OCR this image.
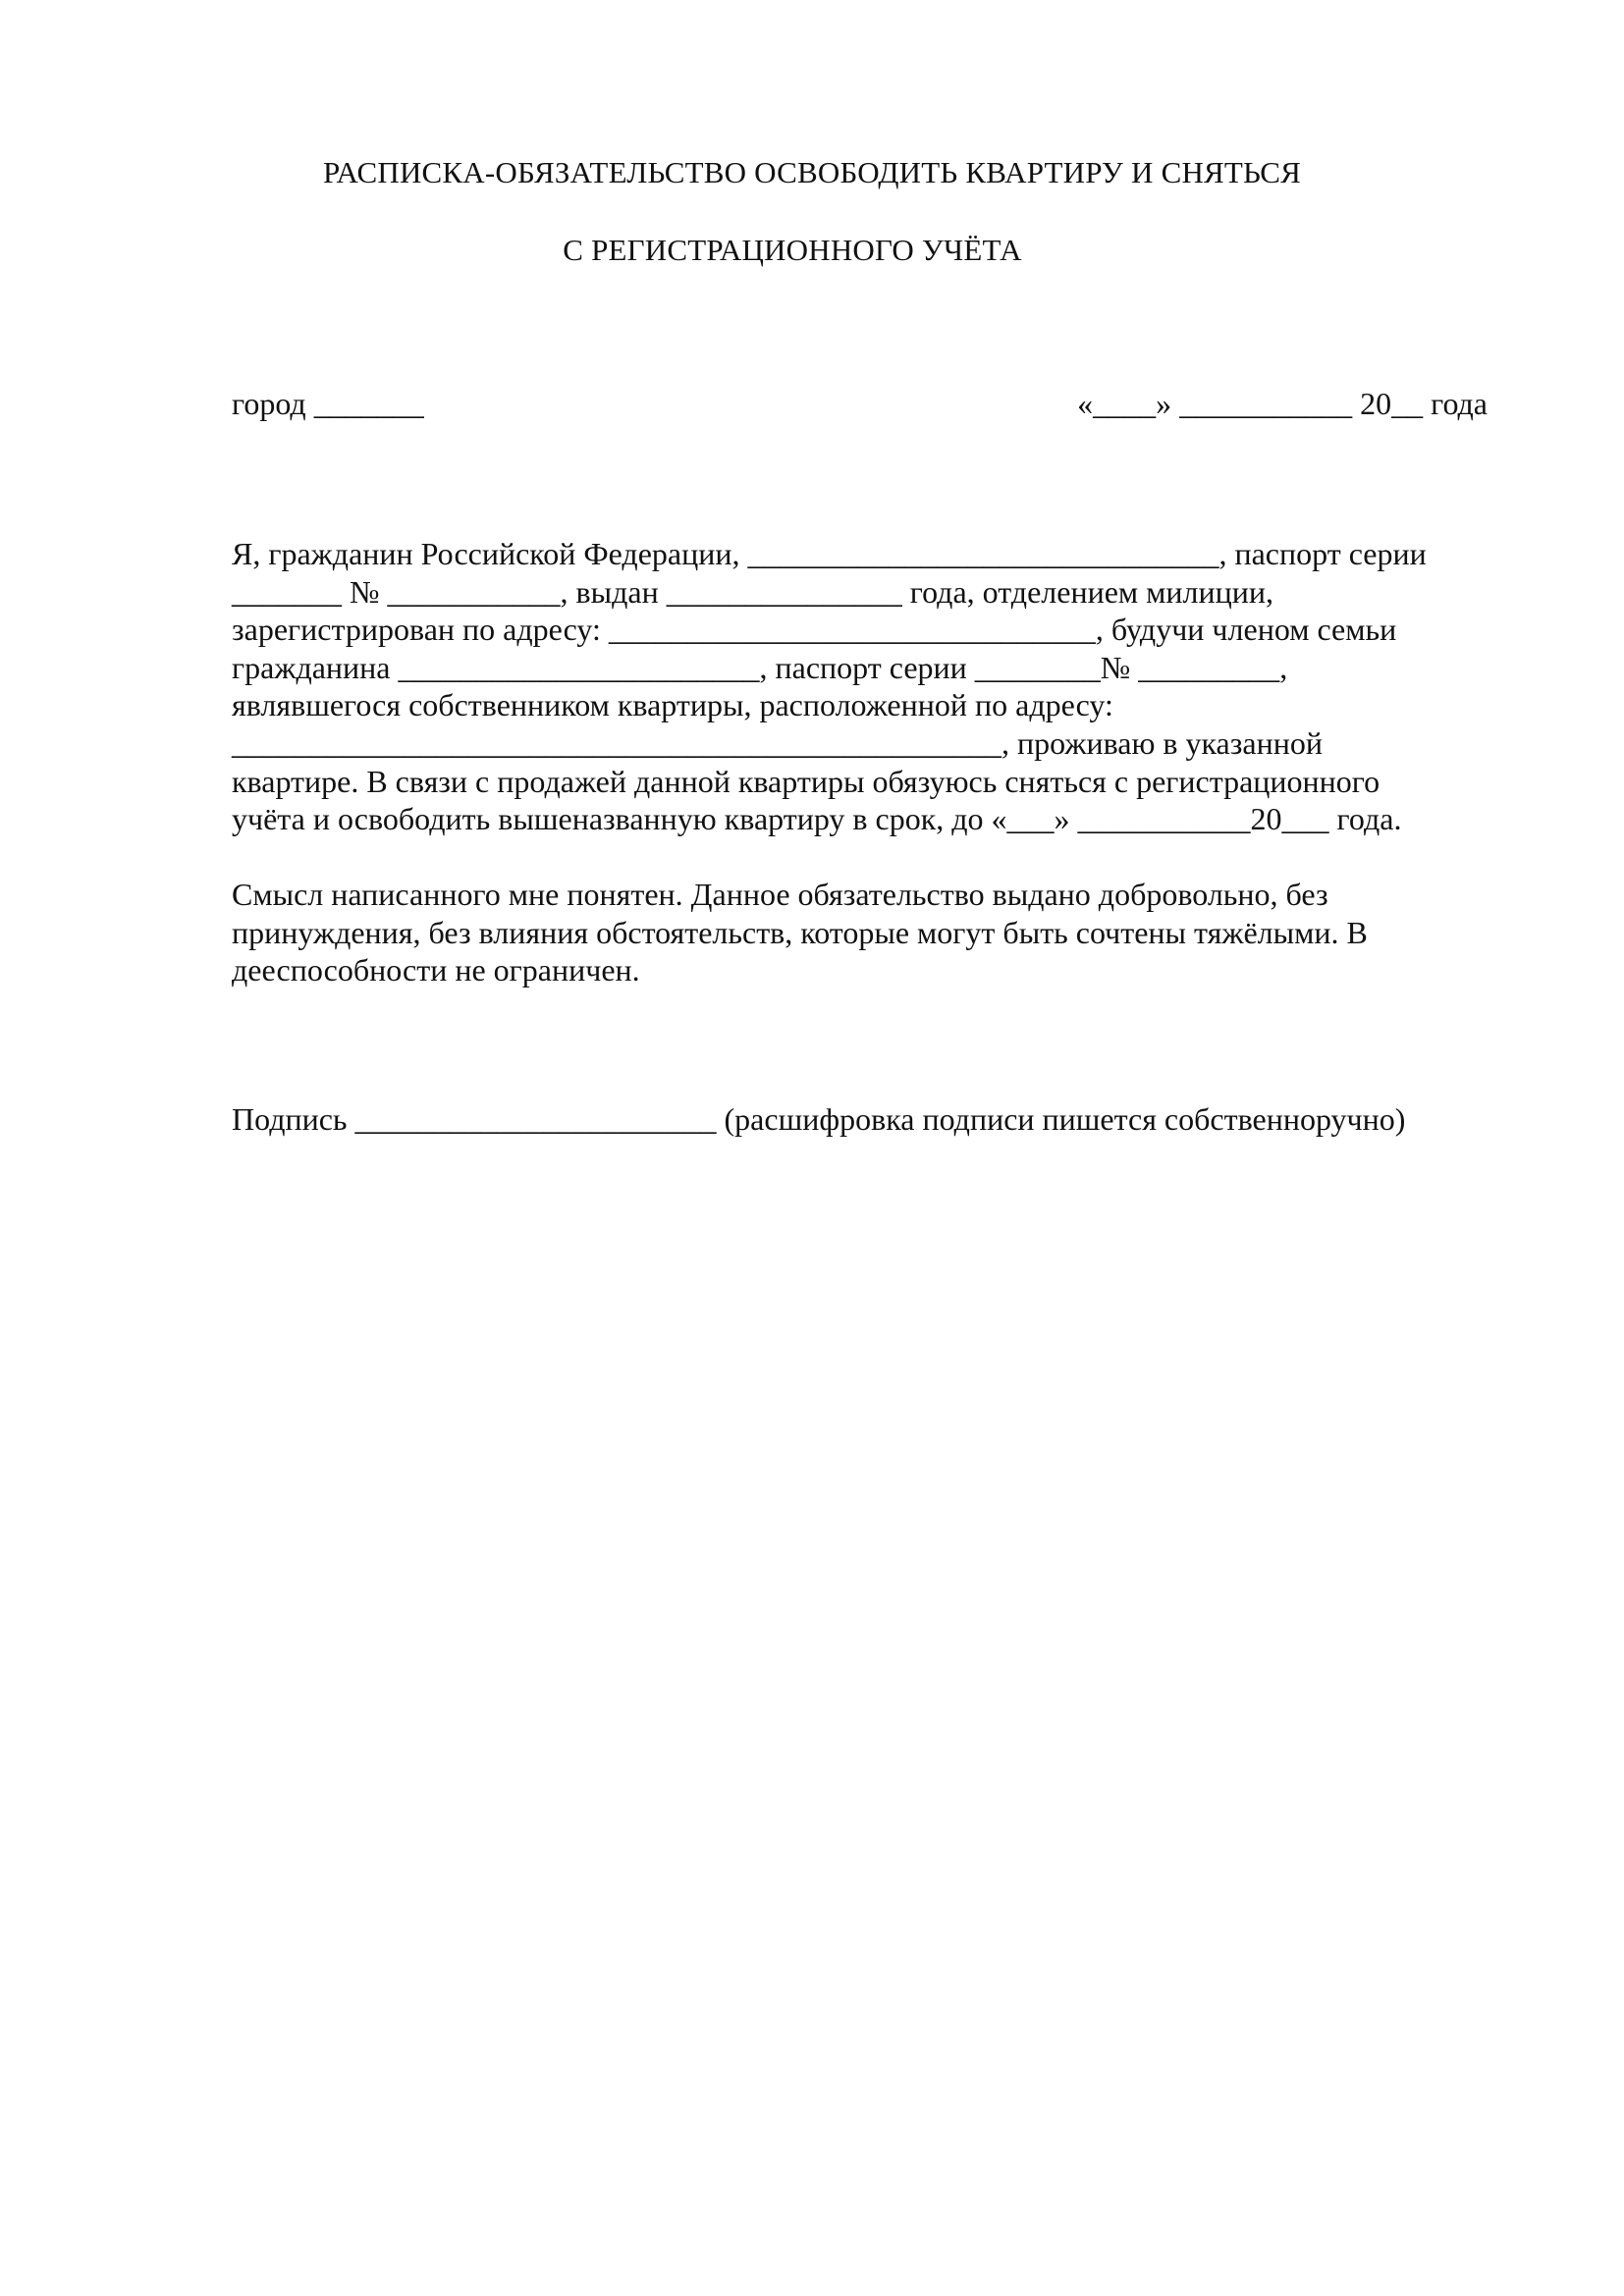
РАСПИСКА-ОБЯЗАТЕЛЬСТВО ОСВОБОДИТЬ КВАРТИРУ И СНЯТЬСЯ
С РЕГИСТРАЦИОННОГО УЧЁТА
город _______	«____» ___________ 20__ года
Я, гражданин Российской Федерации, ______________________________, паспорт серии
_______ № ___________, выдан _______________ года, отделением милиции,
зарегистрирован по адресу: _______________________________, будучи членом семьи
гражданина _______________________, паспорт серии ________№ _________,
являвшегося собственником квартиры, расположенной по адресу:
_________________________________________________, проживаю в указанной
квартире. В связи с продажей данной квартиры обязуюсь сняться с регистрационного
учёта и освободить вышеназванную квартиру в срок, до «___» ___________20___ года.
Смысл написанного мне понятен. Данное обязательство выдано добровольно, без
принуждения, без влияния обстоятельств, которые могут быть сочтены тяжёлыми. В
дееспособности не ограничен.
Подпись _______________________ (расшифровка подписи пишется собственноручно)
